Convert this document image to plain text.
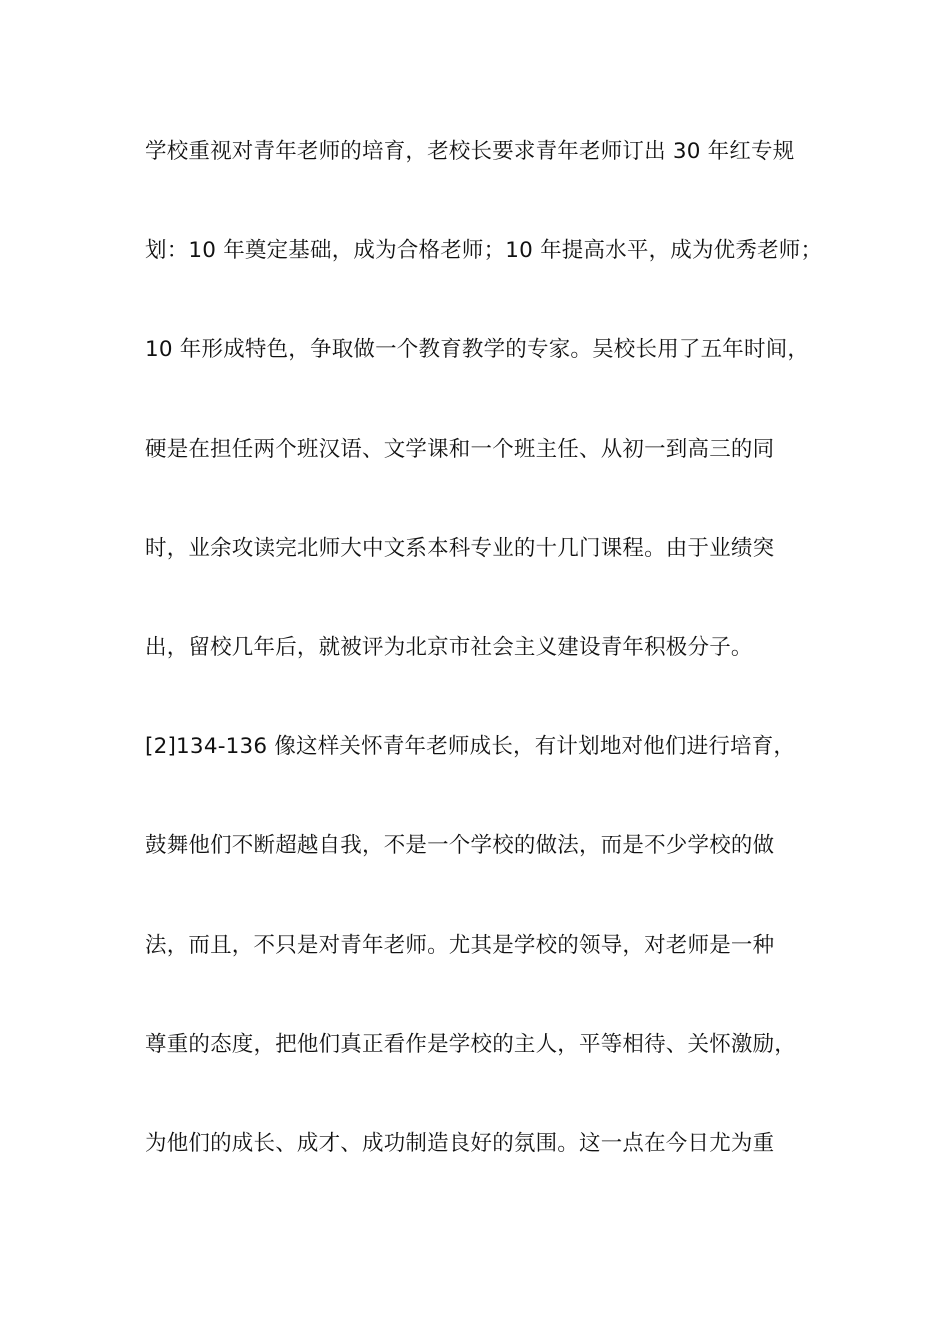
学校重视对青年老师的培育，老校长要求青年老师订出 30 年红专规
划：10 年奠定基础，成为合格老师；10 年提高水平，成为优秀老师；
10 年形成特色，争取做一个教育教学的专家。吴校长用了五年时间，
硬是在担任两个班汉语、文学课和一个班主任、从初一到高三的同
时，业余攻读完北师大中文系本科专业的十几门课程。由于业绩突
出，留校几年后，就被评为北京市社会主义建设青年积极分子。
[2]134-136 像这样关怀青年老师成长，有计划地对他们进行培育，
鼓舞他们不断超越自我，不是一个学校的做法，而是不少学校的做
法，而且，不只是对青年老师。尤其是学校的领导，对老师是一种
尊重的态度，把他们真正看作是学校的主人，平等相待、关怀激励，
为他们的成长、成才、成功制造良好的氛围。这一点在今日尤为重
